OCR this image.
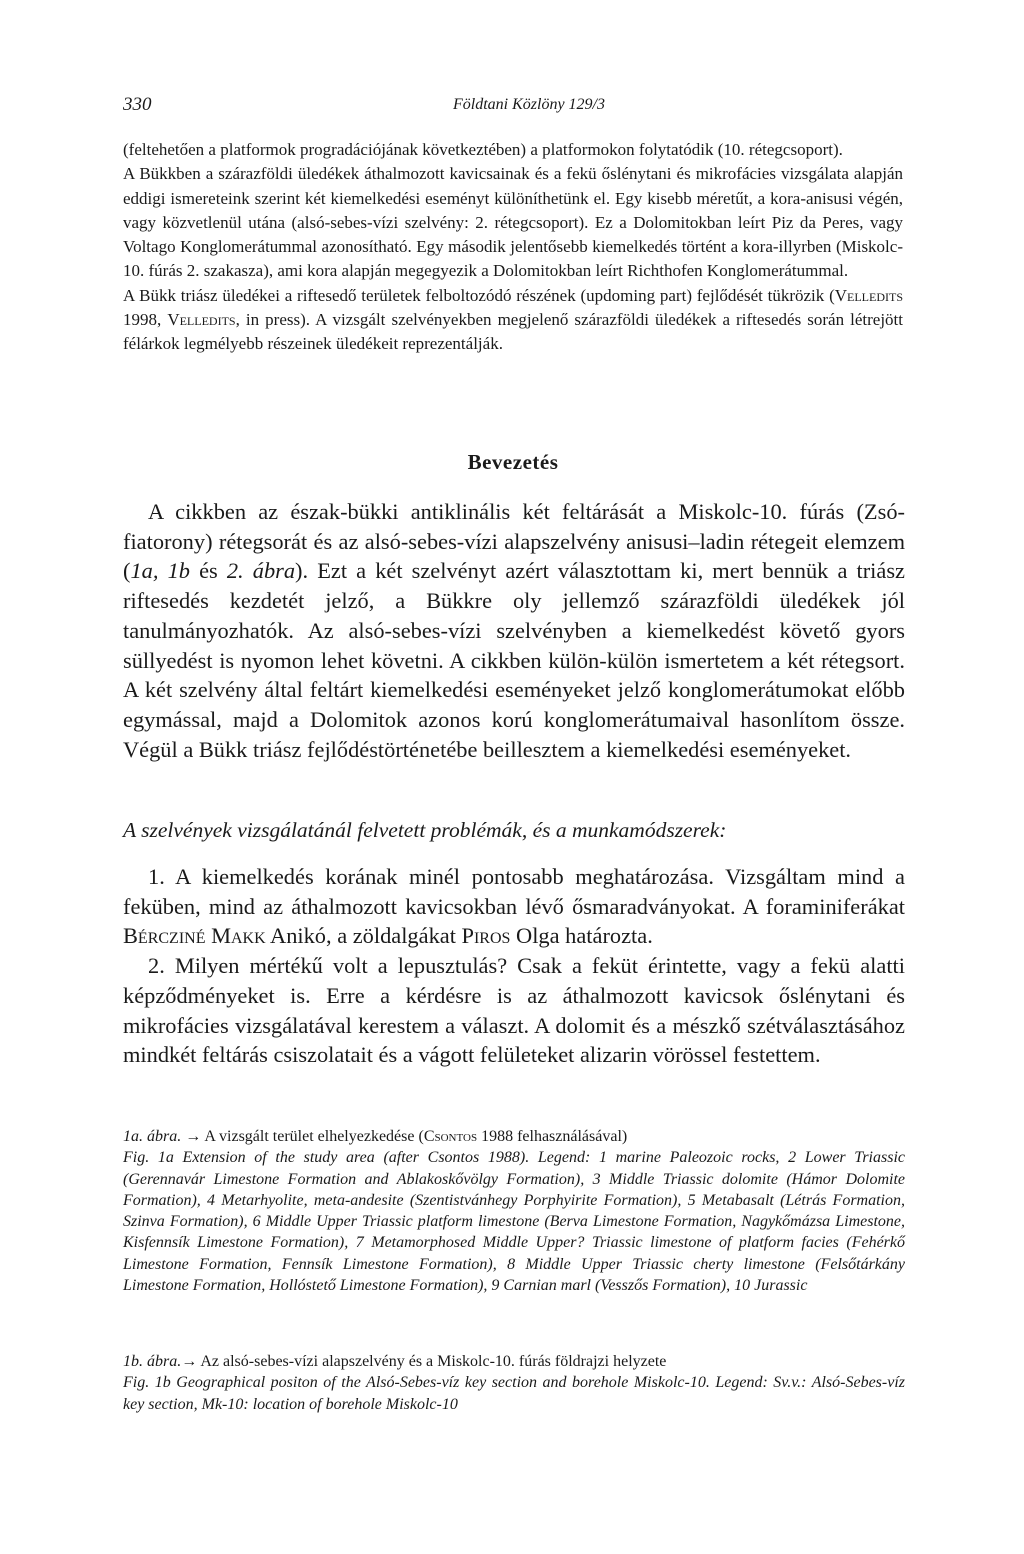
330	Földtani Közlöny 129/3

(feltehetően a platformok progradációjának következtében) a platformokon folytatódik (10. rétegcsoport).

A Bükkben a szárazföldi üledékek áthalmozott kavicsainak és a fekü őslénytani és mikrofácies vizsgálata alapján eddigi ismereteink szerint két kiemelkedési eseményt különíthetünk el. Egy kisebb méretűt, a kora-anisusi végén, vagy közvetlenül utána (alsó-sebes-vízi szelvény: 2. rétegcsoport). Ez a Dolomitokban leírt Piz da Peres, vagy Voltago Konglomerátummal azonosítható. Egy második jelentősebb kiemelkedés történt a kora-illyrben (Miskolc-10. fúrás 2. szakasza), ami kora alapján megegyezik a Dolomitokban leírt Richthofen Konglomerátummal.

A Bükk triász üledékei a riftesedő területek felboltozódó részének (updoming part) fejlődését tükrözik (Velledits 1998, Velledits, in press). A vizsgált szelvényekben megjelenő szárazföldi üledékek a riftesedés során létrejött félárkok legmélyebb részeinek üledékeit reprezentálják.

Bevezetés

A cikkben az észak-bükki antiklinális két feltárását a Miskolc-10. fúrás (Zsófiatorony) rétegsorát és az alsó-sebes-vízi alapszelvény anisusi–ladin rétegeit elemzem (1a, 1b és 2. ábra). Ezt a két szelvényt azért választottam ki, mert bennük a triász riftesedés kezdetét jelző, a Bükkre oly jellemző szárazföldi üledékek jól tanulmányozhatók. Az alsó-sebes-vízi szelvényben a kiemelkedést követő gyors süllyedést is nyomon lehet követni. A cikkben külön-külön ismertetem a két rétegsort. A két szelvény által feltárt kiemelkedési eseményeket jelző konglomerátumokat előbb egymással, majd a Dolomitok azonos korú konglomerátumaival hasonlítom össze. Végül a Bükk triász fejlődéstörténetébe beillesztem a kiemelkedési eseményeket.

A szelvények vizsgálatánál felvetett problémák, és a munkamódszerek:

1. A kiemelkedés korának minél pontosabb meghatározása. Vizsgáltam mind a feküben, mind az áthalmozott kavicsokban lévő ősmaradványokat. A foraminiferákat Bércziné Makk Anikó, a zöldalgákat Piros Olga határozta.

2. Milyen mértékű volt a lepusztulás? Csak a feküt érintette, vagy a fekü alatti képződményeket is. Erre a kérdésre is az áthalmozott kavicsok őslénytani és mikrofácies vizsgálatával kerestem a választ. A dolomit és a mészkő szétválasztásához mindkét feltárás csiszolatait és a vágott felületeket alizarin vörössel festettem.

1a. ábra. → A vizsgált terület elhelyezkedése (Csontos 1988 felhasználásával)

Fig. 1a Extension of the study area (after Csontos 1988). Legend: 1 marine Paleozoic rocks, 2 Lower Triassic (Gerennavár Limestone Formation and Ablakoskővölgy Formation), 3 Middle Triassic dolomite (Hámor Dolomite Formation), 4 Metarhyolite, meta-andesite (Szentistvánhegy Porphyirite Formation), 5 Metabasalt (Létrás Formation, Szinva Formation), 6 Middle Upper Triassic platform limestone (Berva Limestone Formation, Nagykőmázsa Limestone, Kisfennsík Limestone Formation), 7 Metamorphosed Middle Upper? Triassic limestone of platform facies (Fehérkő Limestone Formation, Fennsík Limestone Formation), 8 Middle Upper Triassic cherty limestone (Felsőtárkány Limestone Formation, Hollóstető Limestone Formation), 9 Carnian marl (Vesszős Formation), 10 Jurassic

1b. ábra.→ Az alsó-sebes-vízi alapszelvény és a Miskolc-10. fúrás földrajzi helyzete

Fig. 1b Geographical positon of the Alsó-Sebes-víz key section and borehole Miskolc-10. Legend: Sv.v.: Alsó-Sebes-víz key section, Mk-10: location of borehole Miskolc-10
